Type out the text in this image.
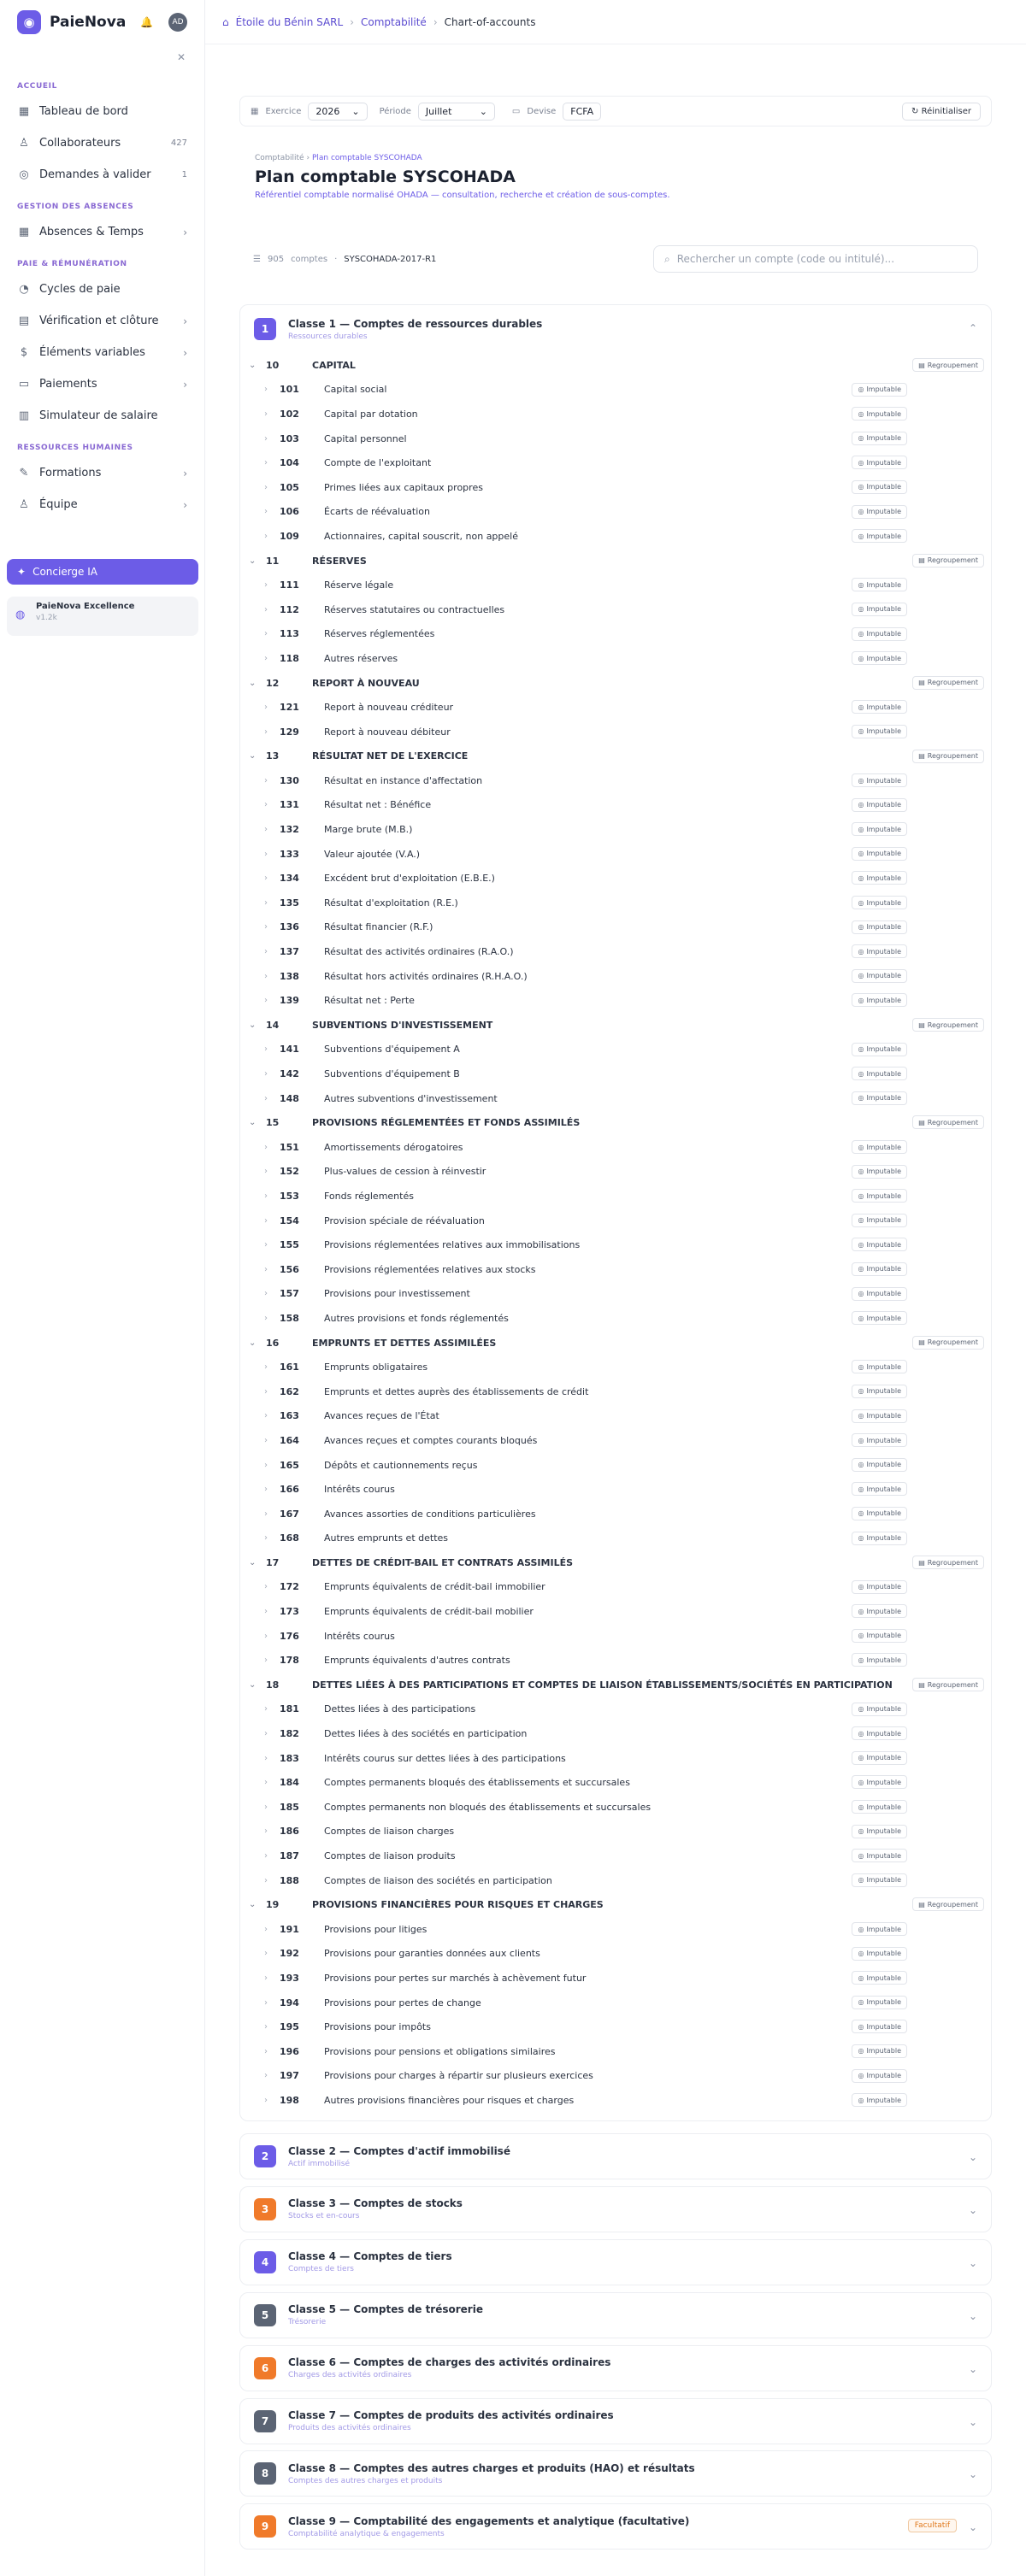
◉	PaieNova 🔔	AD
✕
ACCUEIL
▦ Tableau de bord
♙ Collaborateurs	427
◎ Demandes à valider	1
GESTION DES ABSENCES
▦ Absences & Temps	›
PAIE & RÉMUNÉRATION
◔ Cycles de paie
▤ Vérification et clôture ›
$ Éléments variables	›
▭ Paiements	›
▥ Simulateur de salaire
RESSOURCES HUMAINES
✎ Formations	›
♙ Équipe	›
✦ Concierge IA
◍
PaieNova Excellence
v1.2k
⌂ Étoile du Bénin SARL › Comptabilité › Chart-of-accounts
▦ Exercice 2026 ⌄ Période Juillet	⌄	▭ Devise FCFA	↻ Réinitialiser
Comptabilité › Plan comptable SYSCOHADA
Plan comptable SYSCOHADA
Référentiel comptable normalisé OHADA — consultation, recherche et création de sous-comptes.
☰ 905 comptes · SYSCOHADA-2017-R1	⌕ Rechercher un compte (code ou intitulé)...
1	Classe 1 — Comptes de ressources durables
Ressources durables
⌃
⌄ 10	CAPITAL	▤ Regroupement
› 101	Capital social	◎ Imputable
› 102	Capital par dotation	◎ Imputable
› 103	Capital personnel	◎ Imputable
› 104	Compte de l'exploitant	◎ Imputable
› 105	Primes liées aux capitaux propres	◎ Imputable
› 106	Écarts de réévaluation	◎ Imputable
› 109	Actionnaires, capital souscrit, non appelé	◎ Imputable
⌄ 11	RÉSERVES	▤ Regroupement
› 111	Réserve légale	◎ Imputable
› 112	Réserves statutaires ou contractuelles	◎ Imputable
› 113	Réserves réglementées	◎ Imputable
› 118	Autres réserves	◎ Imputable
⌄ 12	REPORT À NOUVEAU	▤ Regroupement
› 121	Report à nouveau créditeur	◎ Imputable
› 129	Report à nouveau débiteur	◎ Imputable
⌄ 13	RÉSULTAT NET DE L'EXERCICE	▤ Regroupement
› 130	Résultat en instance d'affectation	◎ Imputable
› 131	Résultat net : Bénéfice	◎ Imputable
› 132	Marge brute (M.B.)	◎ Imputable
› 133	Valeur ajoutée (V.A.)	◎ Imputable
› 134	Excédent brut d'exploitation (E.B.E.)	◎ Imputable
› 135	Résultat d'exploitation (R.E.)	◎ Imputable
› 136	Résultat financier (R.F.)	◎ Imputable
› 137	Résultat des activités ordinaires (R.A.O.)	◎ Imputable
› 138	Résultat hors activités ordinaires (R.H.A.O.)	◎ Imputable
› 139	Résultat net : Perte	◎ Imputable
⌄ 14	SUBVENTIONS D'INVESTISSEMENT	▤ Regroupement
› 141	Subventions d'équipement A	◎ Imputable
› 142	Subventions d'équipement B	◎ Imputable
› 148	Autres subventions d'investissement	◎ Imputable
⌄ 15	PROVISIONS RÉGLEMENTÉES ET FONDS ASSIMILÉS	▤ Regroupement
› 151	Amortissements dérogatoires	◎ Imputable
› 152	Plus-values de cession à réinvestir	◎ Imputable
› 153	Fonds réglementés	◎ Imputable
› 154	Provision spéciale de réévaluation	◎ Imputable
› 155	Provisions réglementées relatives aux immobilisations	◎ Imputable
› 156	Provisions réglementées relatives aux stocks	◎ Imputable
› 157	Provisions pour investissement	◎ Imputable
› 158	Autres provisions et fonds réglementés	◎ Imputable
⌄ 16	EMPRUNTS ET DETTES ASSIMILÉES	▤ Regroupement
› 161	Emprunts obligataires	◎ Imputable
› 162	Emprunts et dettes auprès des établissements de crédit	◎ Imputable
› 163	Avances reçues de l'État	◎ Imputable
› 164	Avances reçues et comptes courants bloqués	◎ Imputable
› 165	Dépôts et cautionnements reçus	◎ Imputable
› 166	Intérêts courus	◎ Imputable
› 167	Avances assorties de conditions particulières	◎ Imputable
› 168	Autres emprunts et dettes	◎ Imputable
⌄ 17	DETTES DE CRÉDIT-BAIL ET CONTRATS ASSIMILÉS	▤ Regroupement
› 172	Emprunts équivalents de crédit-bail immobilier	◎ Imputable
› 173	Emprunts équivalents de crédit-bail mobilier	◎ Imputable
› 176	Intérêts courus	◎ Imputable
› 178	Emprunts équivalents d'autres contrats	◎ Imputable
⌄ 18	DETTES LIÉES À DES PARTICIPATIONS ET COMPTES DE LIAISON ÉTABLISSEMENTS/SOCIÉTÉS EN PARTICIPATION	▤ Regroupement
› 181	Dettes liées à des participations	◎ Imputable
› 182	Dettes liées à des sociétés en participation	◎ Imputable
› 183	Intérêts courus sur dettes liées à des participations	◎ Imputable
› 184	Comptes permanents bloqués des établissements et succursales	◎ Imputable
› 185	Comptes permanents non bloqués des établissements et succursales	◎ Imputable
› 186	Comptes de liaison charges	◎ Imputable
› 187	Comptes de liaison produits	◎ Imputable
› 188	Comptes de liaison des sociétés en participation	◎ Imputable
⌄ 19	PROVISIONS FINANCIÈRES POUR RISQUES ET CHARGES	▤ Regroupement
› 191	Provisions pour litiges	◎ Imputable
› 192	Provisions pour garanties données aux clients	◎ Imputable
› 193	Provisions pour pertes sur marchés à achèvement futur	◎ Imputable
› 194	Provisions pour pertes de change	◎ Imputable
› 195	Provisions pour impôts	◎ Imputable
› 196	Provisions pour pensions et obligations similaires	◎ Imputable
› 197	Provisions pour charges à répartir sur plusieurs exercices	◎ Imputable
› 198	Autres provisions financières pour risques et charges	◎ Imputable
2	Classe 2 — Comptes d'actif immobilisé
Actif immobilisé
⌄
3	Classe 3 — Comptes de stocks
Stocks et en-cours
⌄
4	Classe 4 — Comptes de tiers
Comptes de tiers
⌄
5	Classe 5 — Comptes de trésorerie
Trésorerie
⌄
6	Classe 6 — Comptes de charges des activités ordinaires
Charges des activités ordinaires
⌄
7	Classe 7 — Comptes de produits des activités ordinaires
Produits des activités ordinaires
⌄
8	Classe 8 — Comptes des autres charges et produits (HAO) et résultats
Comptes des autres charges et produits
⌄
9	Classe 9 — Comptabilité des engagements et analytique (facultative)
Comptabilité analytique & engagements
Facultatif	⌄
